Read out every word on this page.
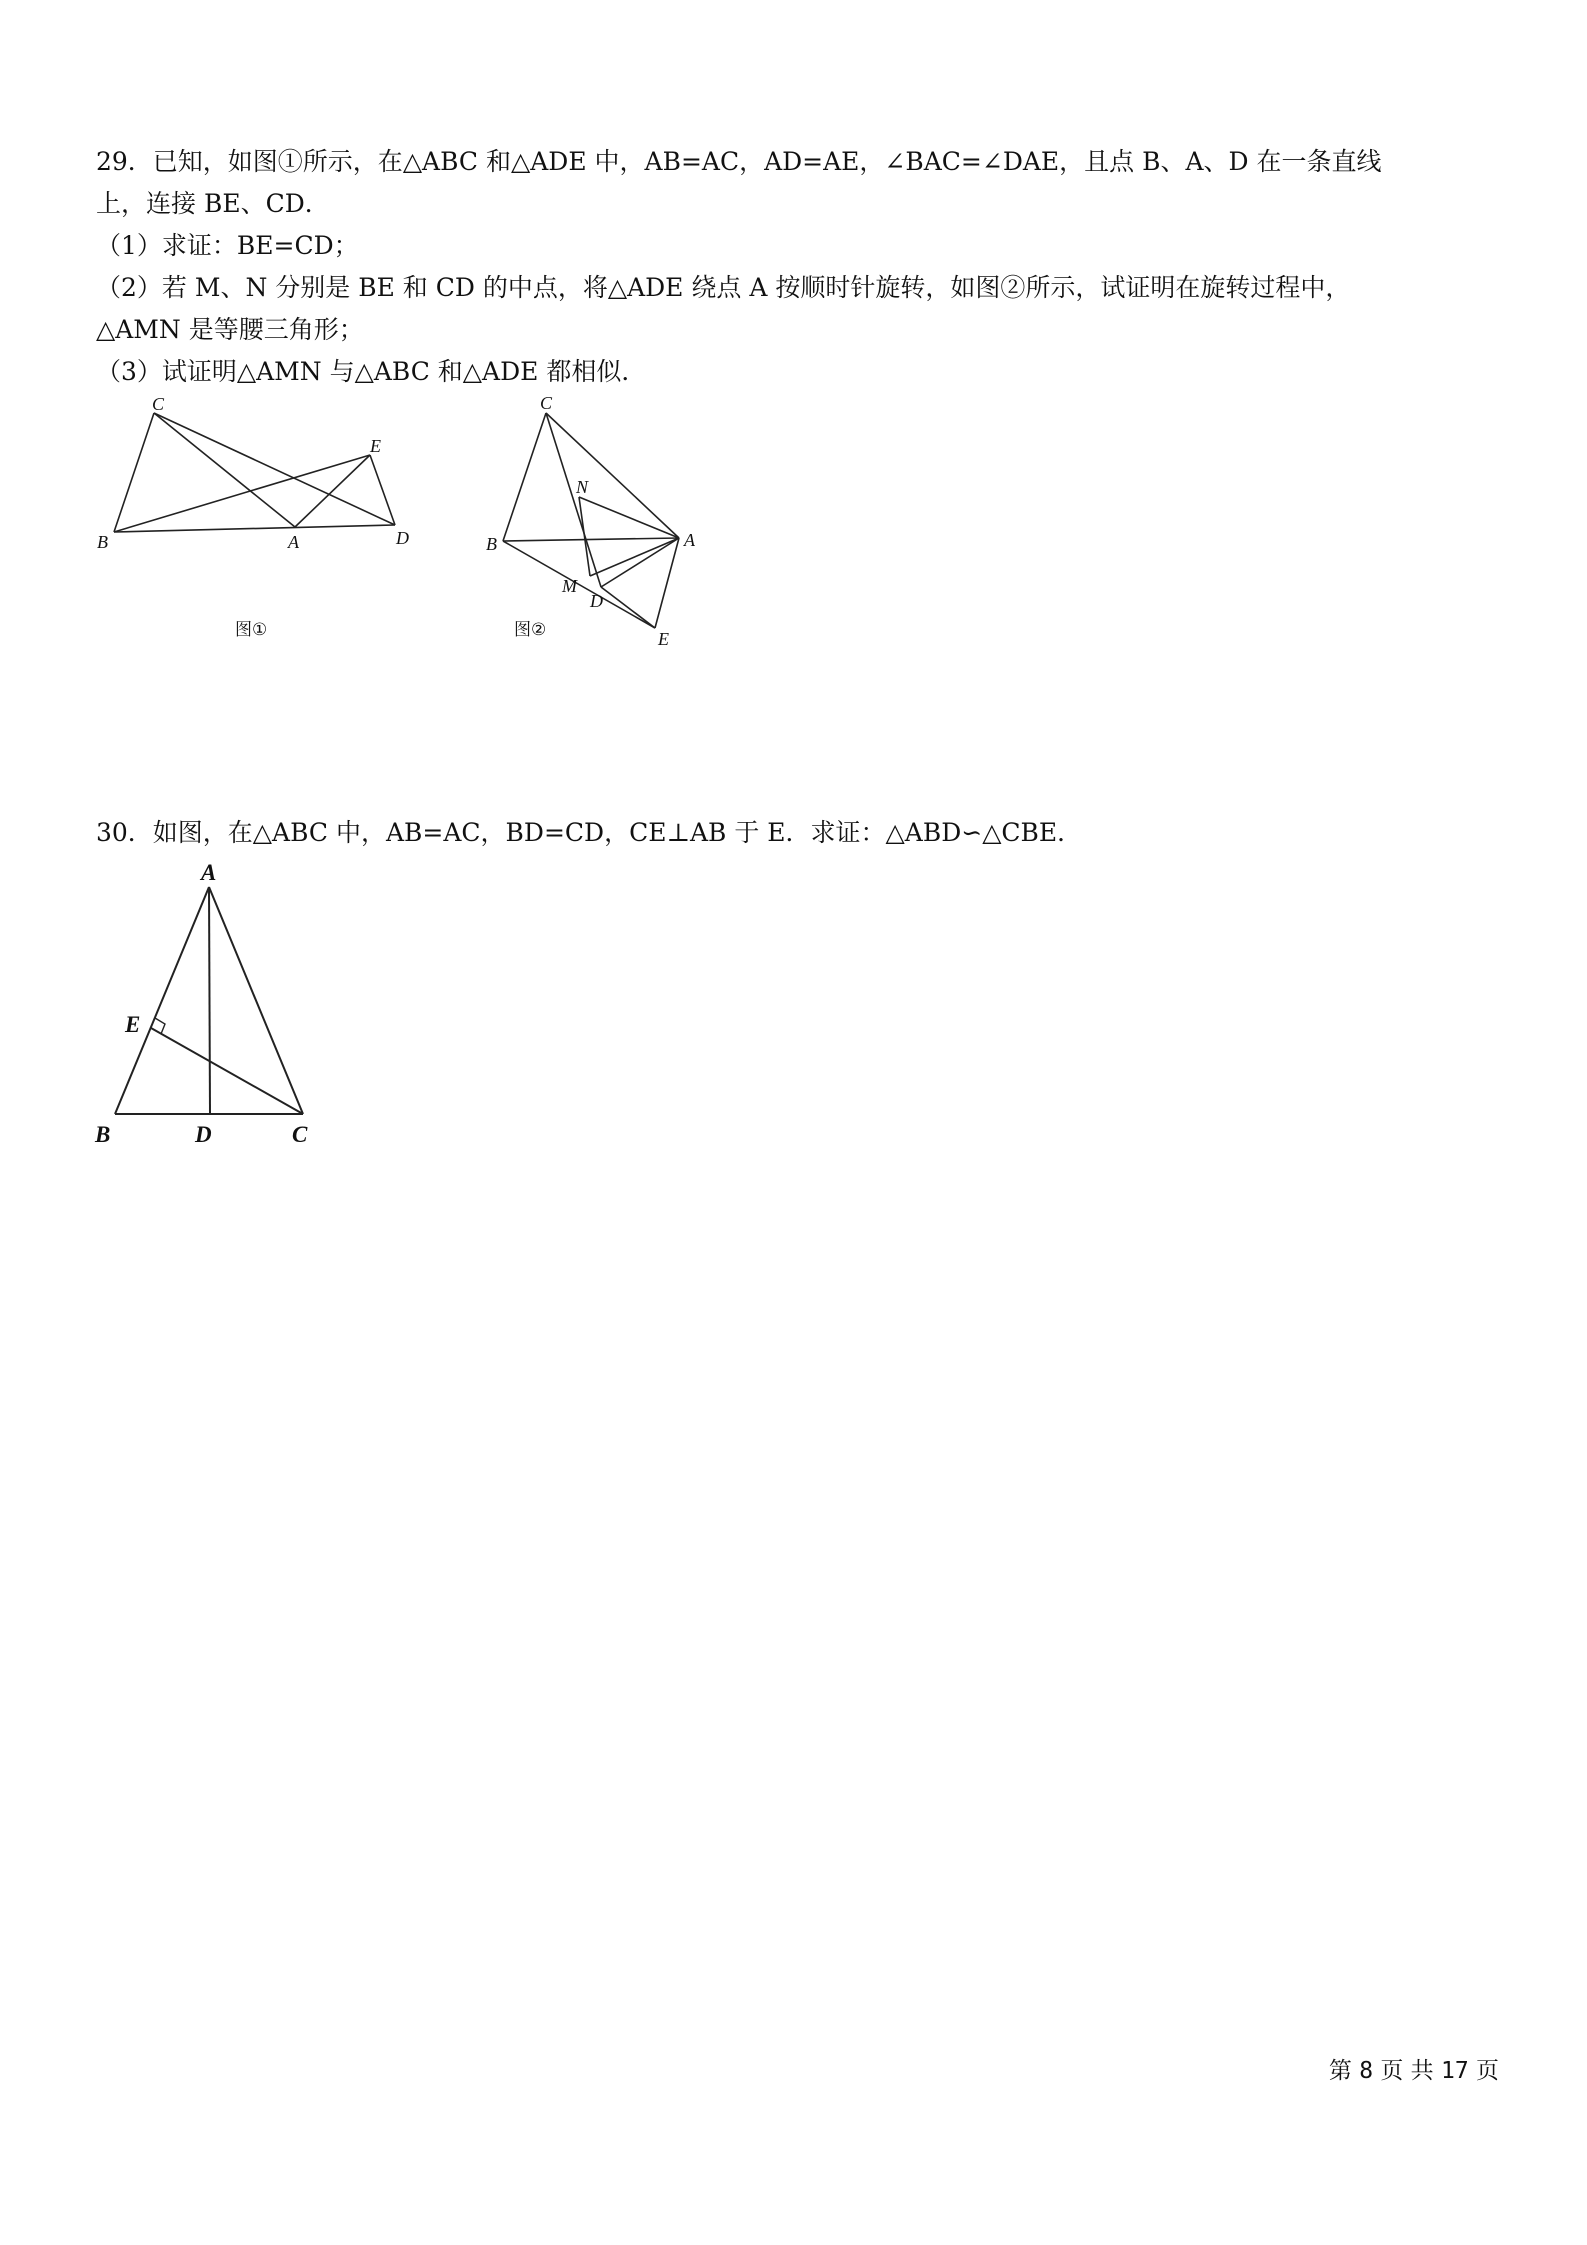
29．已知，如图①所示，在△ABC 和△ADE 中，AB=AC，AD=AE，∠BAC=∠DAE，且点 B、A、D 在一条直线
上，连接 BE、CD．
（1）求证：BE=CD；
（2）若 M、N 分别是 BE 和 CD 的中点，将△ADE 绕点 A 按顺时针旋转，如图②所示，试证明在旋转过程中，
△AMN 是等腰三角形；
（3）试证明△AMN 与△ABC 和△ADE 都相似．
C
E
B	A	D
图①
C
N
B	A
M
D
E
图②
30．如图，在△ABC 中，AB=AC，BD=CD，CE⊥AB 于 E．求证：△ABD∽△CBE．
A
E
B	D	C
第 8 页 共 17 页
